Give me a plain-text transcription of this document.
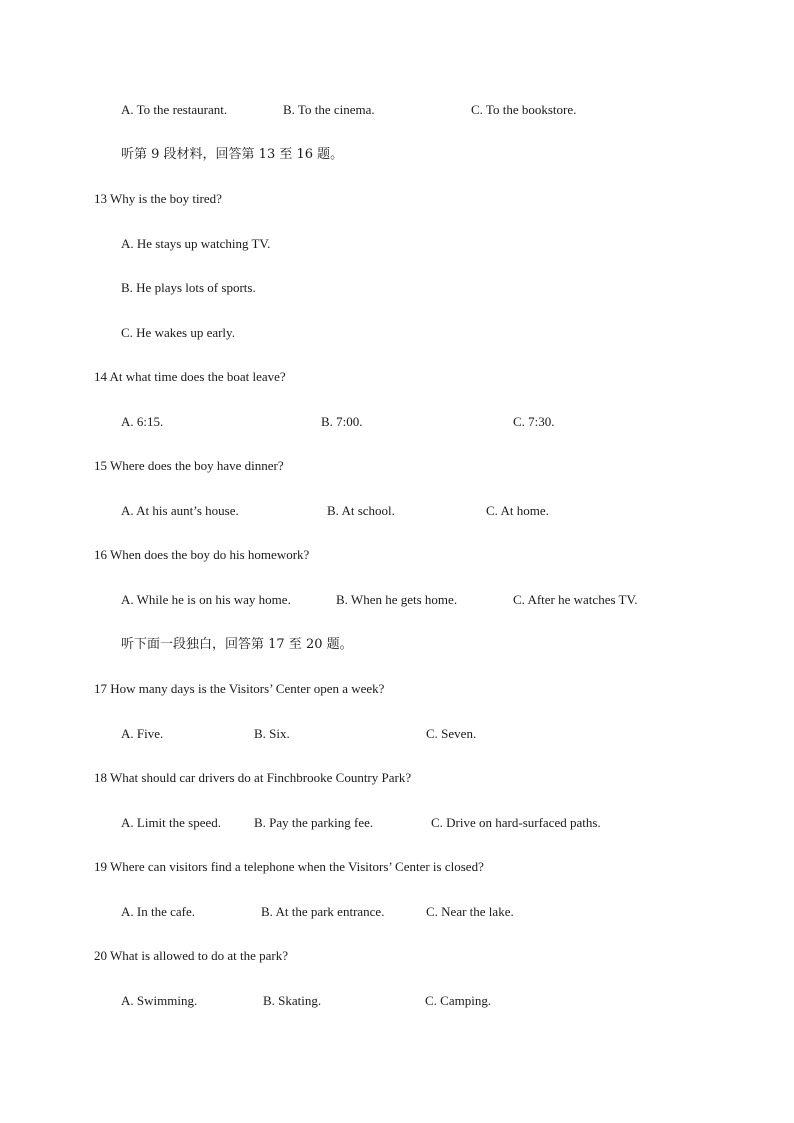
A. To the restaurant.	B. To the cinema.	C. To the bookstore.
听第 9 段材料，回答第 13 至 16 题。
13 Why is the boy tired?
A. He stays up watching TV.
B. He plays lots of sports.
C. He wakes up early.
14 At what time does the boat leave?
A. 6:15.	B. 7:00.	C. 7:30.
15 Where does the boy have dinner?
A. At his aunt’s house.	B. At school.	C. At home.
16 When does the boy do his homework?
A. While he is on his way home.	B. When he gets home.	C. After he watches TV.
听下面一段独白，回答第 17 至 20 题。
17 How many days is the Visitors’ Center open a week?
A. Five.	B. Six.	C. Seven.
18 What should car drivers do at Finchbrooke Country Park?
A. Limit the speed.	B. Pay the parking fee.	C. Drive on hard-surfaced paths.
19 Where can visitors find a telephone when the Visitors’ Center is closed?
A. In the cafe.	B. At the park entrance.	C. Near the lake.
20 What is allowed to do at the park?
A. Swimming.	B. Skating.	C. Camping.
